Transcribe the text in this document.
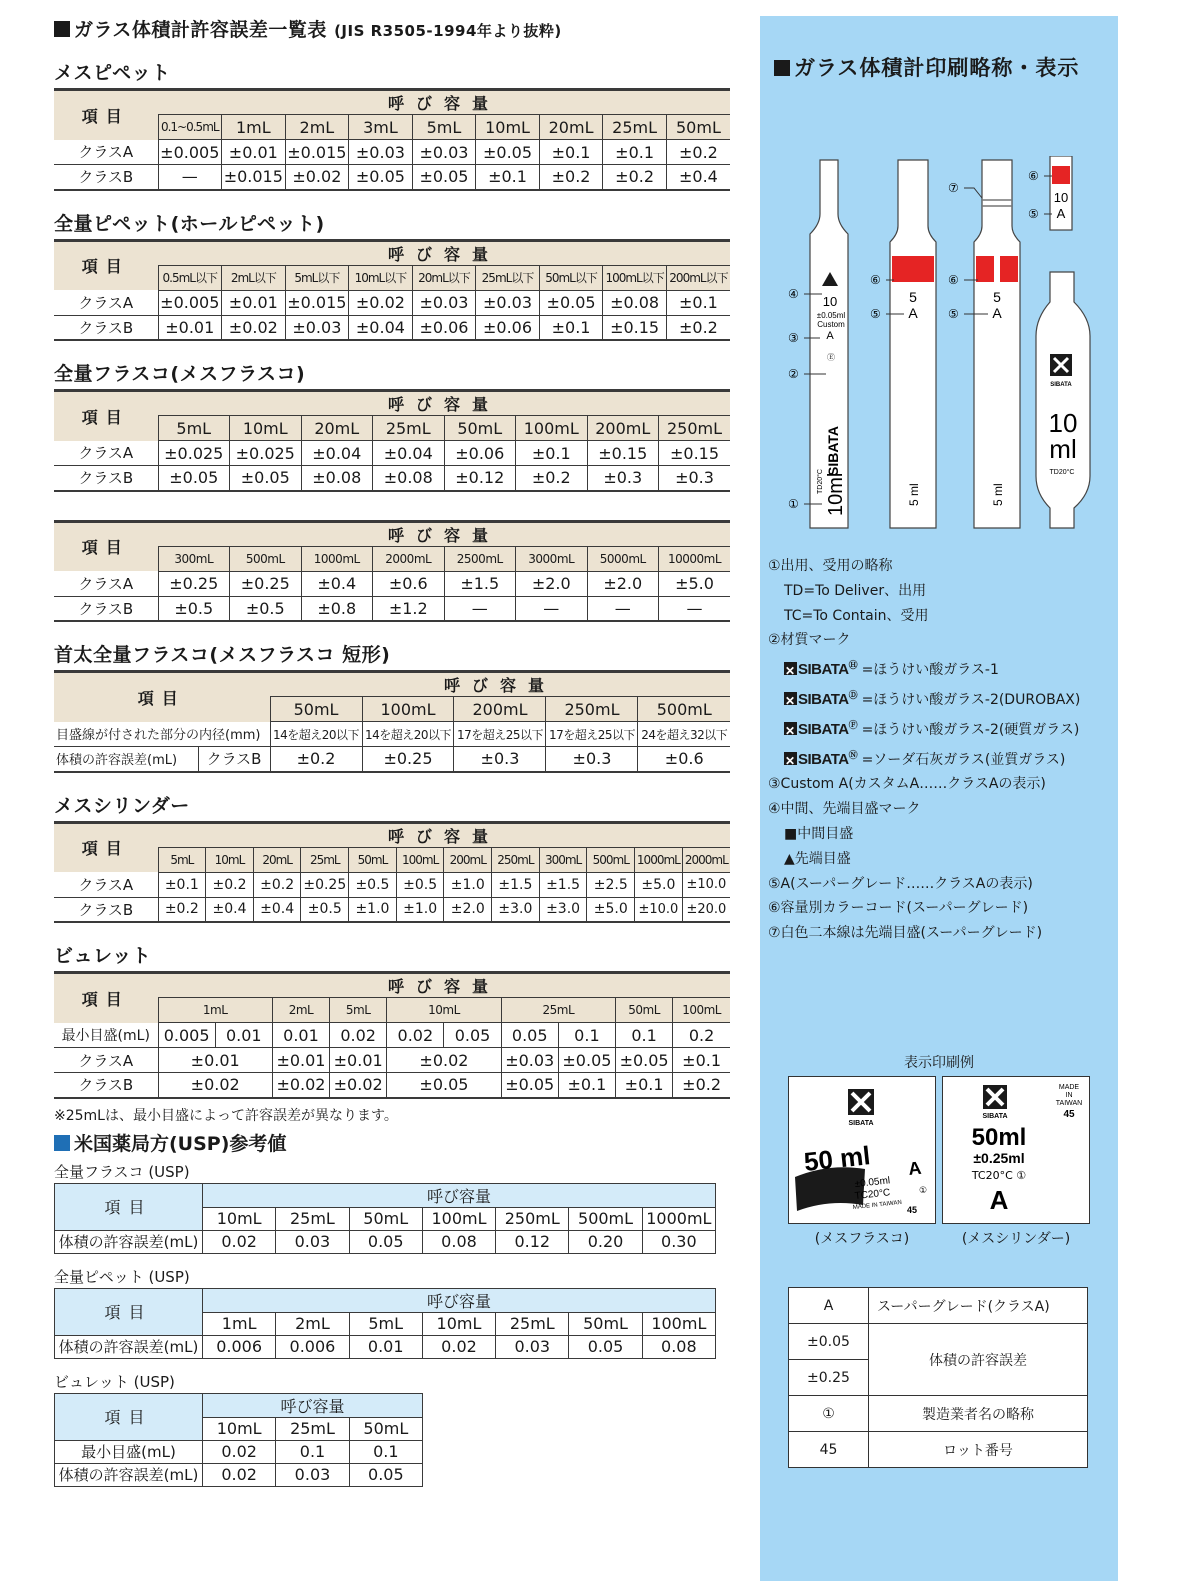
ガラス体積計許容誤差一覧表 (JIS R3505-1994年より抜粋)
メスピペット
項目	呼び容量								
	0.1~0.5mL	1mL	2mL	3mL	5mL	10mL	20mL	25mL	50mL
クラスA	±0.005	±0.01	±0.015	±0.03	±0.03	±0.05	±0.1	±0.1	±0.2
クラスB	—	±0.015	±0.02	±0.05	±0.05	±0.1	±0.2	±0.2	±0.4
全量ピペット(ホールピペット)
項目	呼び容量								
	0.5mL以下	2mL以下	5mL以下	10mL以下	20mL以下	25mL以下	50mL以下	100mL以下	200mL以下
クラスA	±0.005	±0.01	±0.015	±0.02	±0.03	±0.03	±0.05	±0.08	±0.1
クラスB	±0.01	±0.02	±0.03	±0.04	±0.06	±0.06	±0.1	±0.15	±0.2
全量フラスコ(メスフラスコ)
項目	呼び容量							
	5mL	10mL	20mL	25mL	50mL	100mL	200mL	250mL
クラスA	±0.025	±0.025	±0.04	±0.04	±0.06	±0.1	±0.15	±0.15
クラスB	±0.05	±0.05	±0.08	±0.08	±0.12	±0.2	±0.3	±0.3
項目	呼び容量							
	300mL	500mL	1000mL	2000mL	2500mL	3000mL	5000mL	10000mL
クラスA	±0.25	±0.25	±0.4	±0.6	±1.5	±2.0	±2.0	±5.0
クラスB	±0.5	±0.5	±0.8	±1.2	—	—	—	—
首太全量フラスコ(メスフラスコ 短形)
項目		呼び容量				
		50mL	100mL	200mL	250mL	500mL
目盛線が付された部分の内径(mm)		14を超え20以下	14を超え20以下	17を超え25以下	17を超え25以下	24を超え32以下
体積の許容誤差(mL)	クラスB	±0.2	±0.25	±0.3	±0.3	±0.6
メスシリンダー
項目	呼び容量											
	5mL	10mL	20mL	25mL	50mL	100mL	200mL	250mL	300mL	500mL	1000mL	2000mL
クラスA	±0.1	±0.2	±0.2	±0.25	±0.5	±0.5	±1.0	±1.5	±1.5	±2.5	±5.0	±10.0
クラスB	±0.2	±0.4	±0.4	±0.5	±1.0	±1.0	±2.0	±3.0	±3.0	±5.0	±10.0	±20.0
ビュレット
項目	呼び容量									
	1mL		2mL	5mL	10mL		25mL		50mL	100mL
最小目盛(mL)	0.005	0.01	0.01	0.02	0.02	0.05	0.05	0.1	0.1	0.2
クラスA	±0.01		±0.01	±0.01	±0.02		±0.03	±0.05	±0.05	±0.1
クラスB	±0.02		±0.02	±0.02	±0.05		±0.05	±0.1	±0.1	±0.2
※25mLは、最小目盛によって許容誤差が異なります。
米国薬局方(USP)参考値
全量フラスコ (USP)
項目	呼び容量						
	10mL	25mL	50mL	100mL	250mL	500mL	1000mL
体積の許容誤差(mL)	0.02	0.03	0.05	0.08	0.12	0.20	0.30
全量ピペット (USP)
項目	呼び容量						
	1mL	2mL	5mL	10mL	25mL	50mL	100mL
体積の許容誤差(mL)	0.006	0.006	0.01	0.02	0.03	0.05	0.08
ビュレット (USP)
項目	呼び容量		
	10mL	25mL	50mL
最小目盛(mL)	0.02	0.1	0.1
体積の許容誤差(mL)	0.02	0.03	0.05
ガラス体積計印刷略称・表示
10
±0.05ml
Custom
A
Ⓔ
SIBATA
10ml
TD20°C
④
③
②
①
5
A
5 ml
⑥
⑤
5
A
5 ml
⑦
⑥
⑤
10
A
⑥
⑤
SIBATA
10
ml
TD20°C
①出用、受用の略称
TD=To Deliver、出用
TC=To Contain、受用
②材質マーク
✕SIBATAⒽ =ほうけい酸ガラス-1
✕SIBATAⒹ =ほうけい酸ガラス-2(DUROBAX)
✕SIBATAⒻ =ほうけい酸ガラス-2(硬質ガラス)
✕SIBATAⓃ =ソーダ石灰ガラス(並質ガラス)
③Custom A(カスタムA……クラスAの表示)
④中間、先端目盛マーク
■中間目盛
▲先端目盛
⑤A(スーパーグレード……クラスAの表示)
⑥容量別カラーコード(スーパーグレード)
⑦白色二本線は先端目盛(スーパーグレード)
表示印刷例
SIBATA
50 ml A
±0.05ml
TC20°C	①
MADE IN TAIWAN 45
(メスフラスコ)
SIBATA
MADE
IN
TAIWAN
45
50ml
±0.25ml
TC20°C ①
A
(メスシリンダー)
A	スーパーグレード(クラスA)
±0.05	体積の許容誤差
±0.25	
①	製造業者名の略称
45	ロット番号
